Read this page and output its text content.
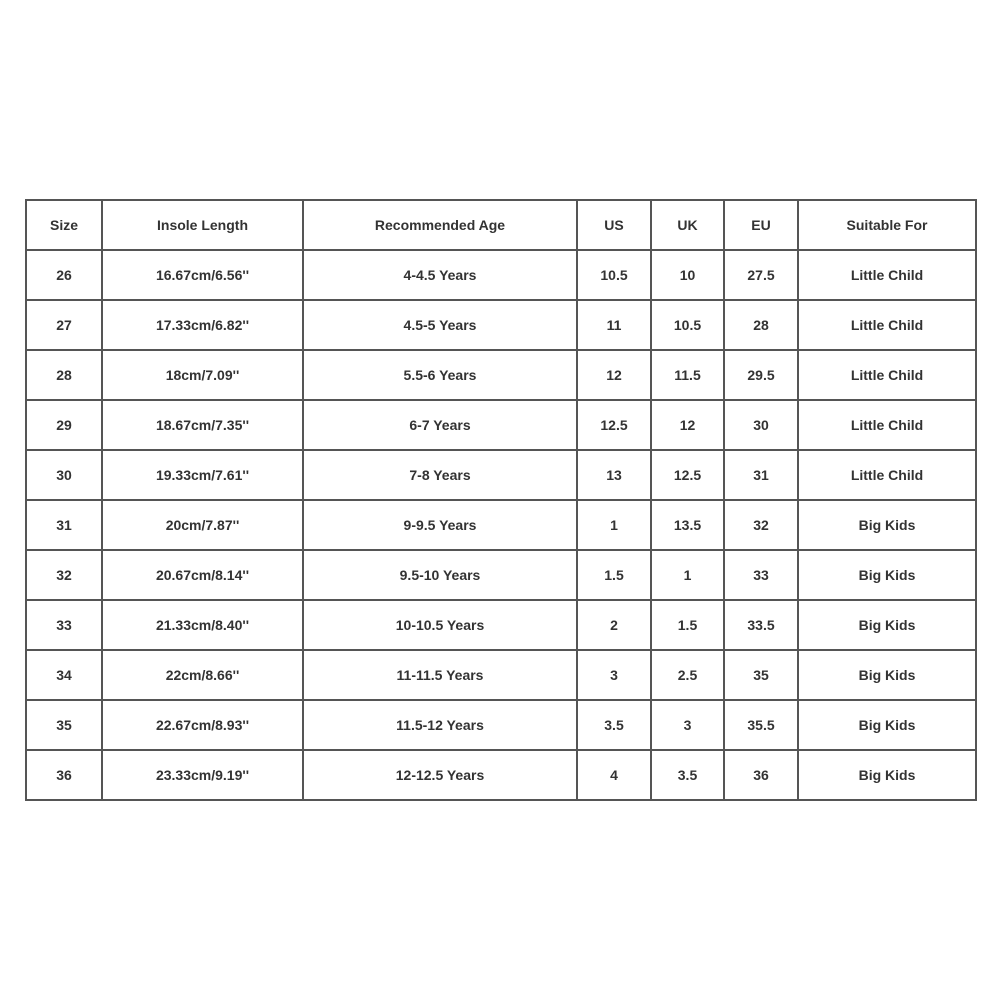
Size	Insole Length	Recommended Age	US	UK	EU	Suitable For
26	16.67cm/6.56''	4-4.5 Years	10.5	10	27.5	Little Child
27	17.33cm/6.82''	4.5-5 Years	11	10.5	28	Little Child
28	18cm/7.09''	5.5-6 Years	12	11.5	29.5	Little Child
29	18.67cm/7.35''	6-7 Years	12.5	12	30	Little Child
30	19.33cm/7.61''	7-8 Years	13	12.5	31	Little Child
31	20cm/7.87''	9-9.5 Years	1	13.5	32	Big Kids
32	20.67cm/8.14''	9.5-10 Years	1.5	1	33	Big Kids
33	21.33cm/8.40''	10-10.5 Years	2	1.5	33.5	Big Kids
34	22cm/8.66''	11-11.5 Years	3	2.5	35	Big Kids
35	22.67cm/8.93''	11.5-12 Years	3.5	3	35.5	Big Kids
36	23.33cm/9.19''	12-12.5 Years	4	3.5	36	Big Kids
